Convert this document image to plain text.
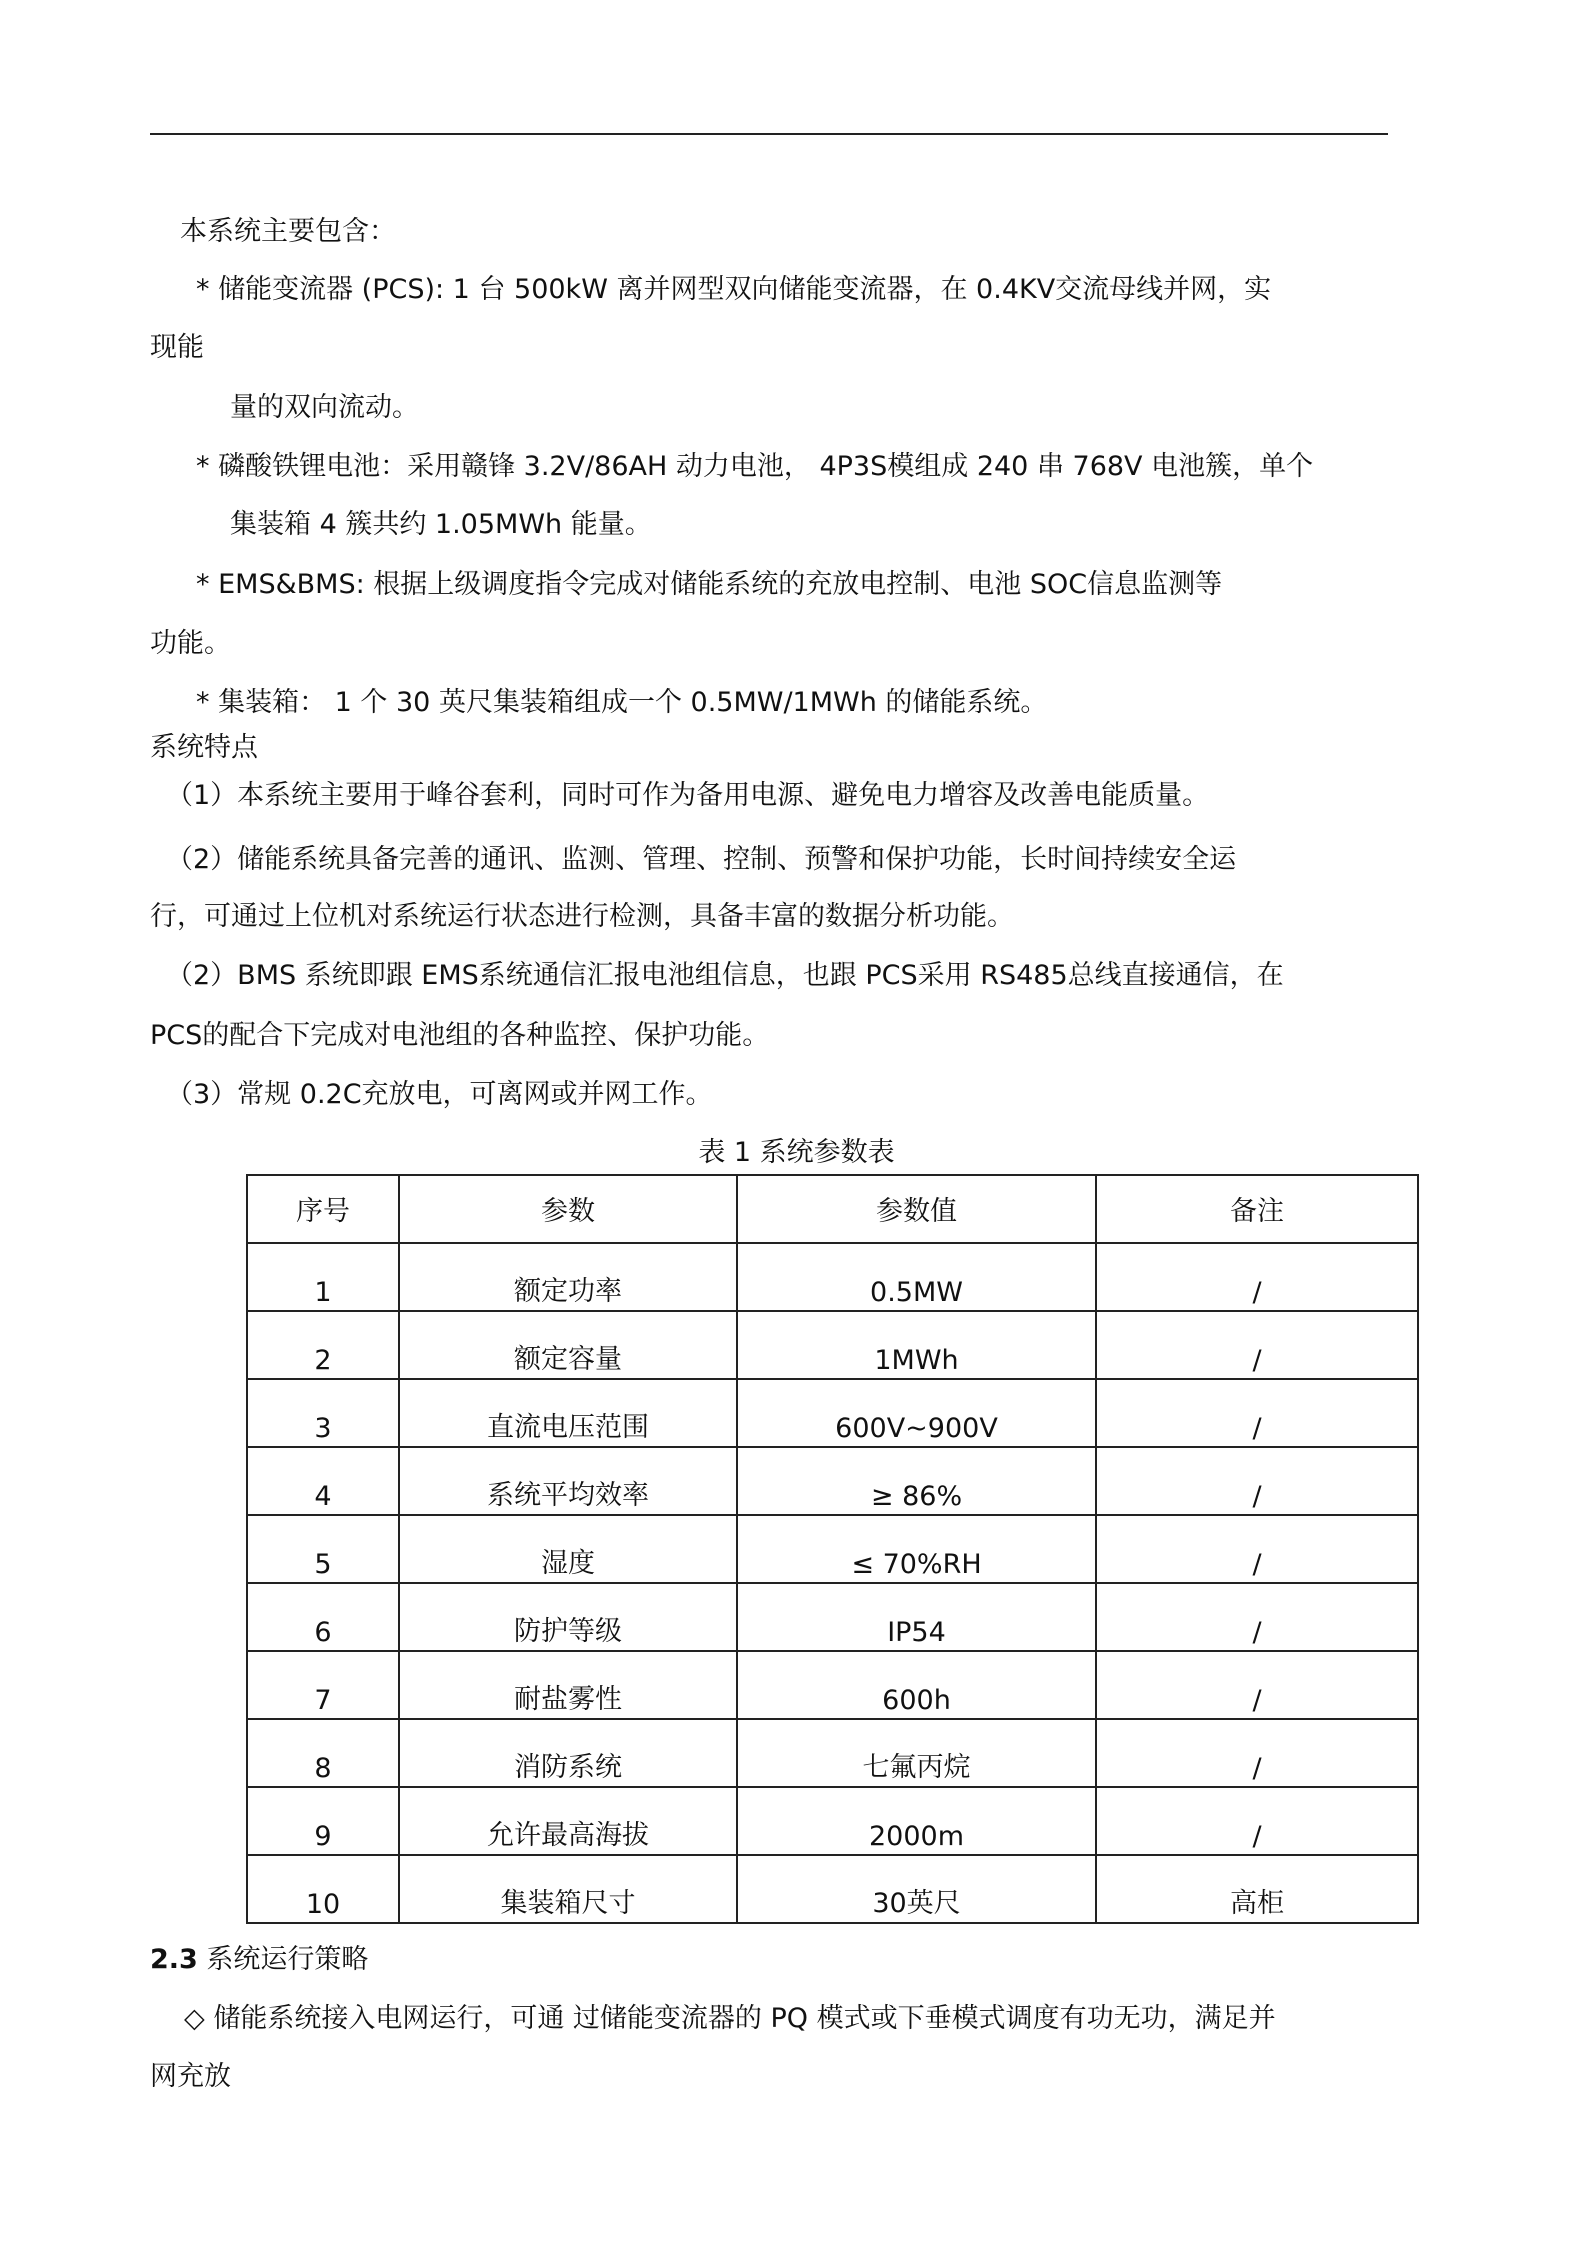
本系统主要包含：
* 储能变流器 (PCS): 1 台 500kW 离并网型双向储能变流器，在 0.4KV交流母线并网，实
现能
量的双向流动。
* 磷酸铁锂电池：采用赣锋 3.2V/86AH 动力电池， 4P3S模组成 240 串 768V 电池簇，单个
集装箱 4 簇共约 1.05MWh 能量。
* EMS&BMS: 根据上级调度指令完成对储能系统的充放电控制、电池 SOC信息监测等
功能。
* 集装箱： 1 个 30 英尺集装箱组成一个 0.5MW/1MWh 的储能系统。
系统特点
（1）本系统主要用于峰谷套利，同时可作为备用电源、避免电力增容及改善电能质量。
（2）储能系统具备完善的通讯、监测、管理、控制、预警和保护功能，长时间持续安全运
行，可通过上位机对系统运行状态进行检测，具备丰富的数据分析功能。
（2）BMS 系统即跟 EMS系统通信汇报电池组信息，也跟 PCS采用 RS485总线直接通信，在
PCS的配合下完成对电池组的各种监控、保护功能。
（3）常规 0.2C充放电，可离网或并网工作。
表 1 系统参数表
序号	参数	参数值	备注
1	额定功率	0.5MW	/
2	额定容量	1MWh	/
3	直流电压范围	600V~900V	/
4	系统平均效率	≥ 86%	/
5	湿度	≤ 70%RH	/
6	防护等级	IP54	/
7	耐盐雾性	600h	/
8	消防系统	七氟丙烷	/
9	允许最高海拔	2000m	/
10	集装箱尺寸	30英尺	高柜
2.3 系统运行策略
◇ 储能系统接入电网运行，可通 过储能变流器的 PQ 模式或下垂模式调度有功无功，满足并
网充放
